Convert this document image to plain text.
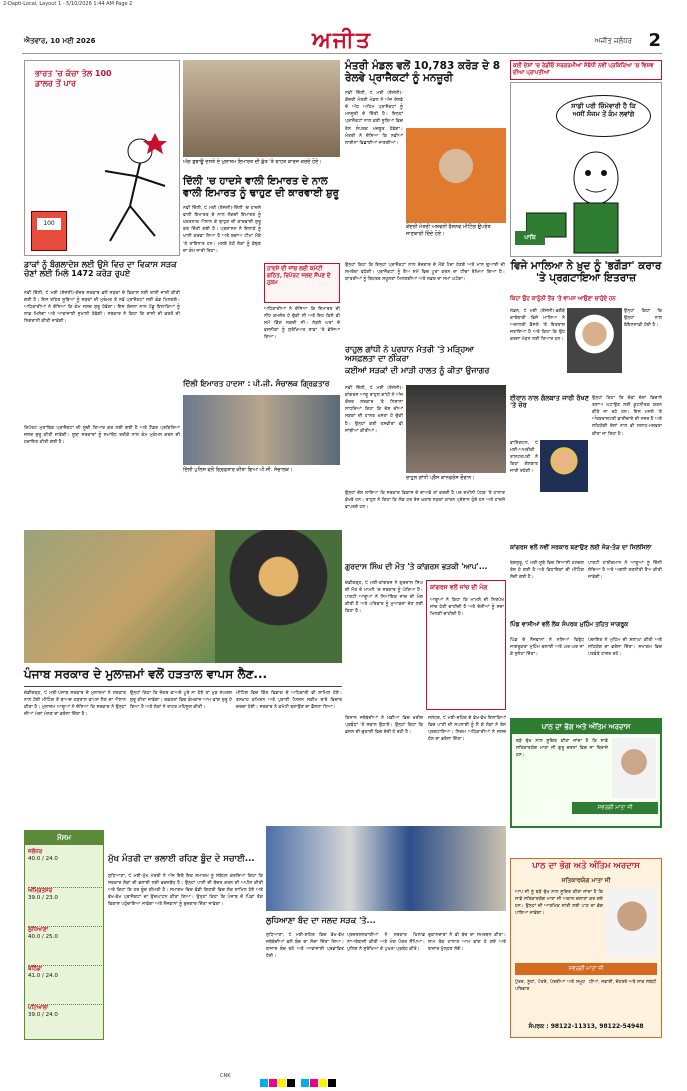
2-Dapti-Local, Layout 1 - 5/10/2026 1:44 AM Page 2
ਐਤਵਾਰ, 10 ਮਈ 2026	ਅਜੀਤ	ਅਜੀਤ ਜਲੰਧਰ 2
ਭਾਰਤ 'ਚ ਕੱਚਾ ਤੇਲ 100 ਡਾਲਰ ਤੋਂ ਪਾਰ
100
ਡਾਕਾਂ ਨੂੰ ਬੰਗਲਾਦੇਸ਼ ਲਈ ਉਸੇ ਵਿਚ ਦਾ ਵਿਕਾਸ ਸੜਕ ਚੋਣਾਂ ਲਈ ਮਿਲੇ 1472 ਕਰੋੜ ਰੁਪਏ
ਨਵੀਂ ਦਿੱਲੀ, ੯ ਮਈ (ਏਜੰਸੀ)-ਕੇਂਦਰ ਸਰਕਾਰ ਵਲੋਂ ਸੜਕਾਂ ਦੇ ਵਿਕਾਸ ਲਈ ਰਾਸ਼ੀ ਜਾਰੀ ਕੀਤੀ ਗਈ ਹੈ। ਇਸ ਤਹਿਤ ਸੂਬਿਆਂ ਨੂੰ ਸੜਕਾਂ ਦੀ ਮੁਰੰਮਤ ਤੇ ਨਵੇਂ ਪ੍ਰਾਜੈਕਟਾਂ ਲਈ ਫ਼ੰਡ ਮਿਲਣਗੇ। ਅਧਿਕਾਰੀਆਂ ਨੇ ਦੱਸਿਆ ਕਿ ਕੰਮ ਜਲਦ ਸ਼ੁਰੂ ਹੋਵੇਗਾ। ਇਸ ਯੋਜਨਾ ਨਾਲ ਪੇਂਡੂ ਇਲਾਕਿਆਂ ਨੂੰ ਲਾਭ ਮਿਲੇਗਾ ਅਤੇ ਆਵਾਜਾਈ ਸੁਖਾਲੀ ਹੋਵੇਗੀ। ਸਰਕਾਰ ਨੇ ਕਿਹਾ ਕਿ ਰਾਸ਼ੀ ਦੀ ਵਰਤੋਂ ਦੀ ਨਿਗਰਾਨੀ ਕੀਤੀ ਜਾਵੇਗੀ।
ਰਿਪੋਰਟ ਮੁਤਾਬਿਕ ਪ੍ਰਾਜੈਕਟਾਂ ਦੀ ਸੂਚੀ ਤਿਆਰ ਕਰ ਲਈ ਗਈ ਹੈ ਅਤੇ ਟੈਂਡਰ ਪ੍ਰਕਿਰਿਆ ਜਲਦ ਸ਼ੁਰੂ ਕੀਤੀ ਜਾਵੇਗੀ। ਸੂਬਾ ਸਰਕਾਰਾਂ ਨੂੰ ਸਮਾਂਬੱਧ ਤਰੀਕੇ ਨਾਲ ਕੰਮ ਮੁਕੰਮਲ ਕਰਨ ਦੀ ਹਦਾਇਤ ਕੀਤੀ ਗਈ ਹੈ।
ਅੱਗ ਬੁਝਾਊ ਦਸਤੇ ਦੇ ਮੁਲਾਜ਼ਮ ਇਮਾਰਤ ਦੀ ਛੱਤ 'ਤੇ ਰਾਹਤ ਕਾਰਜ ਕਰਦੇ ਹੋਏ।
ਦਿੱਲੀ 'ਚ ਹਾਦਸੇ ਵਾਲੀ ਇਮਾਰਤ ਦੇ ਨਾਲ ਵਾਲੀ ਇਮਾਰਤ ਨੂੰ ਢਾਹੁਣ ਦੀ ਕਾਰਵਾਈ ਸ਼ੁਰੂ
ਨਵੀਂ ਦਿੱਲੀ, ੯ ਮਈ (ਏਜੰਸੀ)-ਦਿੱਲੀ 'ਚ ਹਾਦਸੇ ਵਾਲੀ ਇਮਾਰਤ ਦੇ ਨਾਲ ਲੱਗਦੀ ਇਮਾਰਤ ਨੂੰ ਖ਼ਤਰਨਾਕ ਐਲਾਨ ਕੇ ਢਾਹੁਣ ਦੀ ਕਾਰਵਾਈ ਸ਼ੁਰੂ ਕਰ ਦਿੱਤੀ ਗਈ ਹੈ। ਪ੍ਰਸ਼ਾਸਨ ਨੇ ਇਲਾਕੇ ਨੂੰ ਖਾਲੀ ਕਰਵਾ ਲਿਆ ਹੈ ਅਤੇ ਬਚਾਅ ਟੀਮਾਂ ਮੌਕੇ 'ਤੇ ਤਾਇਨਾਤ ਹਨ। ਮਲਬੇ ਹੇਠੋਂ ਲੋਕਾਂ ਨੂੰ ਕੱਢਣ ਦਾ ਕੰਮ ਜਾਰੀ ਰਿਹਾ।
ਹਾਦਸੇ ਦੀ ਜਾਂਚ ਲਈ ਕਮੇਟੀ ਗਠਿਤ, ਰਿਪੋਰਟ ਜਲਦ ਸੌਂਪਣ ਦੇ ਹੁਕਮ
ਅਧਿਕਾਰੀਆਂ ਨੇ ਦੱਸਿਆ ਕਿ ਇਮਾਰਤ ਦੀ ਨੀਂਹ ਕਮਜ਼ੋਰ ਹੋ ਚੁੱਕੀ ਸੀ ਅਤੇ ਇਹ ਕਿਸੇ ਵੀ ਸਮੇਂ ਡਿੱਗ ਸਕਦੀ ਸੀ। ਨੇੜਲੇ ਘਰਾਂ ਦੇ ਵਸਨੀਕਾਂ ਨੂੰ ਸੁਰੱਖਿਅਤ ਥਾਵਾਂ 'ਤੇ ਭੇਜਿਆ ਗਿਆ।
ਦਿੱਲੀ ਇਮਾਰਤ ਹਾਦਸਾ : ਪੀ.ਜੀ. ਸੰਚਾਲਕ ਗ੍ਰਿਫ਼ਤਾਰ
ਦਿੱਲੀ ਪੁਲਿਸ ਵਲੋਂ ਗ੍ਰਿਫ਼ਤਾਰ ਕੀਤਾ ਗਿਆ ਪੀ.ਜੀ. ਸੰਚਾਲਕ।
ਮੰਤਰੀ ਮੰਡਲ ਵਲੋਂ 10,783 ਕਰੋੜ ਦੇ 8 ਰੇਲਵੇ ਪ੍ਰਾਜੈਕਟਾਂ ਨੂੰ ਮਨਜ਼ੂਰੀ
ਨਵੀਂ ਦਿੱਲੀ, ੯ ਮਈ (ਏਜੰਸੀ)-ਕੇਂਦਰੀ ਮੰਤਰੀ ਮੰਡਲ ਨੇ ਅੱਜ ਰੇਲਵੇ ਦੇ ਅੱਠ ਅਹਿਮ ਪ੍ਰਾਜੈਕਟਾਂ ਨੂੰ ਮਨਜ਼ੂਰੀ ਦੇ ਦਿੱਤੀ ਹੈ। ਇਨ੍ਹਾਂ ਪ੍ਰਾਜੈਕਟਾਂ ਨਾਲ ਕਈ ਸੂਬਿਆਂ ਵਿਚ ਰੇਲ ਸੰਪਰਕ ਮਜ਼ਬੂਤ ਹੋਵੇਗਾ। ਮੰਤਰੀ ਨੇ ਦੱਸਿਆ ਕਿ ਨਵੀਆਂ ਲਾਈਨਾਂ ਵਿਛਾਈਆਂ ਜਾਣਗੀਆਂ।
ਕੇਂਦਰੀ ਮੰਤਰੀ ਅਸ਼ਵਨੀ ਵੈਸ਼ਨਵ ਮੀਟਿੰਗ ਉਪਰੰਤ ਜਾਣਕਾਰੀ ਦਿੰਦੇ ਹੋਏ।
ਉਨ੍ਹਾਂ ਕਿਹਾ ਕਿ ਇਨ੍ਹਾਂ ਪ੍ਰਾਜੈਕਟਾਂ ਨਾਲ ਰੋਜ਼ਗਾਰ ਦੇ ਮੌਕੇ ਪੈਦਾ ਹੋਣਗੇ ਅਤੇ ਮਾਲ ਢੁਆਈ ਦੀ ਸਮਰੱਥਾ ਵਧੇਗੀ। ਪ੍ਰਾਜੈਕਟਾਂ ਨੂੰ ਤੈਅ ਸਮੇਂ ਵਿਚ ਪੂਰਾ ਕਰਨ ਦਾ ਟੀਚਾ ਰੱਖਿਆ ਗਿਆ ਹੈ। ਯਾਤਰੀਆਂ ਨੂੰ ਬਿਹਤਰ ਸਹੂਲਤਾਂ ਮਿਲਣਗੀਆਂ ਅਤੇ ਸਫ਼ਰ ਦਾ ਸਮਾਂ ਘਟੇਗਾ।
ਰਾਹੁਲ ਗਾਂਧੀ ਨੇ ਪ੍ਰਧਾਨ ਮੰਤਰੀ 'ਤੇ ਮੜ੍ਹਿਆ ਅਸਫ਼ਲਤਾ ਦਾ ਠੀਕਰਾ
ਕਈਆਂ ਸੜਕਾਂ ਦੀ ਮਾੜੀ ਹਾਲਤ ਨੂੰ ਕੀਤਾ ਉਜਾਗਰ
ਨਵੀਂ ਦਿੱਲੀ, ੯ ਮਈ (ਏਜੰਸੀ)-ਕਾਂਗਰਸ ਆਗੂ ਰਾਹੁਲ ਗਾਂਧੀ ਨੇ ਅੱਜ ਕੇਂਦਰ ਸਰਕਾਰ 'ਤੇ ਨਿਸ਼ਾਨਾ ਸਾਧਦਿਆਂ ਕਿਹਾ ਕਿ ਦੇਸ਼ ਦੀਆਂ ਸੜਕਾਂ ਦੀ ਹਾਲਤ ਖਸਤਾ ਹੋ ਚੁੱਕੀ ਹੈ। ਉਨ੍ਹਾਂ ਕਈ ਤਸਵੀਰਾਂ ਵੀ ਸਾਂਝੀਆਂ ਕੀਤੀਆਂ।
ਰਾਹੁਲ ਗਾਂਧੀ ਪ੍ਰੈੱਸ ਕਾਨਫਰੰਸ ਦੌਰਾਨ।
ਉਨ੍ਹਾਂ ਦੋਸ਼ ਲਾਇਆ ਕਿ ਸਰਕਾਰ ਵਿਕਾਸ ਦੇ ਦਾਅਵੇ ਤਾਂ ਕਰਦੀ ਹੈ ਪਰ ਜ਼ਮੀਨੀ ਪੱਧਰ 'ਤੇ ਹਾਲਾਤ ਵੱਖਰੇ ਹਨ। ਰਾਹੁਲ ਨੇ ਕਿਹਾ ਕਿ ਲੋਕ ਹਰ ਰੋਜ਼ ਖ਼ਰਾਬ ਸੜਕਾਂ ਕਾਰਨ ਪ੍ਰੇਸ਼ਾਨ ਹੁੰਦੇ ਹਨ ਅਤੇ ਹਾਦਸੇ ਵਾਪਰਦੇ ਹਨ।
ਗੁਰਦਾਸ ਸਿੰਘ ਦੀ ਮੌਤ 'ਤੇ ਕਾਂਗਰਸ ਭੜਕੀ 'ਆਪ'...
ਚੰਡੀਗੜ੍ਹ, ੯ ਮਈ-ਕਾਂਗਰਸ ਨੇ ਗੁਰਦਾਸ ਸਿੰਘ ਦੀ ਮੌਤ ਦੇ ਮਾਮਲੇ 'ਚ ਸਰਕਾਰ ਨੂੰ ਘੇਰਿਆ ਹੈ। ਪਾਰਟੀ ਆਗੂਆਂ ਨੇ ਨਿਆਂਇਕ ਜਾਂਚ ਦੀ ਮੰਗ ਕੀਤੀ ਹੈ ਅਤੇ ਪਰਿਵਾਰ ਨੂੰ ਮੁਆਵਜ਼ਾ ਦੇਣ ਲਈ ਕਿਹਾ ਹੈ।
ਕਾਂਗਰਸ ਵਲੋਂ ਜਾਂਚ ਦੀ ਮੰਗ
ਆਗੂਆਂ ਨੇ ਕਿਹਾ ਕਿ ਮਾਮਲੇ ਦੀ ਨਿਰਪੱਖ ਜਾਂਚ ਹੋਣੀ ਚਾਹੀਦੀ ਹੈ ਅਤੇ ਦੋਸ਼ੀਆਂ ਨੂੰ ਸਜ਼ਾ ਮਿਲਣੀ ਚਾਹੀਦੀ ਹੈ।
ਪੰਜਾਬ ਸਰਕਾਰ ਦੇ ਮੁਲਾਜ਼ਮਾਂ ਵਲੋਂ ਹੜਤਾਲ ਵਾਪਸ ਲੈਣ...
ਚੰਡੀਗੜ੍ਹ, ੯ ਮਈ-ਪੰਜਾਬ ਸਰਕਾਰ ਦੇ ਮੁਲਾਜ਼ਮਾਂ ਨੇ ਸਰਕਾਰ ਨਾਲ ਹੋਈ ਮੀਟਿੰਗ ਤੋਂ ਬਾਅਦ ਹੜਤਾਲ ਵਾਪਸ ਲੈਣ ਦਾ ਐਲਾਨ ਕੀਤਾ ਹੈ। ਮੁਲਾਜ਼ਮ ਆਗੂਆਂ ਨੇ ਦੱਸਿਆ ਕਿ ਸਰਕਾਰ ਨੇ ਉਨ੍ਹਾਂ ਦੀਆਂ ਮੰਗਾਂ ਮੰਨਣ ਦਾ ਭਰੋਸਾ ਦਿੱਤਾ ਹੈ।
ਉਨ੍ਹਾਂ ਕਿਹਾ ਕਿ ਜੇਕਰ ਵਾਅਦੇ ਪੂਰੇ ਨਾ ਹੋਏ ਤਾਂ ਮੁੜ ਸੰਘਰਸ਼ ਸ਼ੁਰੂ ਕੀਤਾ ਜਾਵੇਗਾ। ਦਫ਼ਤਰਾਂ ਵਿਚ ਕੰਮਕਾਜ ਆਮ ਵਾਂਗ ਸ਼ੁਰੂ ਹੋ ਗਿਆ ਹੈ ਅਤੇ ਲੋਕਾਂ ਨੇ ਰਾਹਤ ਮਹਿਸੂਸ ਕੀਤੀ।
ਮੀਟਿੰਗ ਵਿਚ ਵਿੱਤ ਵਿਭਾਗ ਦੇ ਅਧਿਕਾਰੀ ਵੀ ਸ਼ਾਮਿਲ ਹੋਏ। ਤਨਖ਼ਾਹ ਕਮਿਸ਼ਨ ਅਤੇ ਪੁਰਾਣੀ ਪੈਨਸ਼ਨ ਸਕੀਮ ਬਾਰੇ ਵਿਚਾਰ ਚਰਚਾ ਹੋਈ। ਸਰਕਾਰ ਨੇ ਕਮੇਟੀ ਬਣਾਉਣ ਦਾ ਫ਼ੈਸਲਾ ਲਿਆ।
ਮੌਸਮ
ਜਲੰਧਰ
40.0 / 24.0
ਅੰਮ੍ਰਿਤਸਰ
39.0 / 23.0
ਲੁਧਿਆਣਾ
40.0 / 25.0
ਬਠਿੰਡਾ
41.0 / 24.0
ਪਟਿਆਲਾ
39.0 / 24.0
ਮੁੱਖ ਮੰਤਰੀ ਦਾ ਭਲਾਈ ਰਹਿਣ ਬੂੰਦ ਦੇ ਸਚਾਈ...
ਲੁਧਿਆਣਾ, ੯ ਮਈ-ਮੁੱਖ ਮੰਤਰੀ ਨੇ ਅੱਜ ਇਥੇ ਇਕ ਸਮਾਗਮ ਨੂੰ ਸੰਬੋਧਨ ਕਰਦਿਆਂ ਕਿਹਾ ਕਿ ਸਰਕਾਰ ਲੋਕਾਂ ਦੀ ਭਲਾਈ ਲਈ ਵਚਨਬੱਧ ਹੈ। ਉਨ੍ਹਾਂ ਪਾਣੀ ਦੀ ਬੱਚਤ ਕਰਨ ਦੀ ਅਪੀਲ ਕੀਤੀ ਅਤੇ ਕਿਹਾ ਕਿ ਹਰ ਬੂੰਦ ਕੀਮਤੀ ਹੈ। ਸਮਾਗਮ ਵਿਚ ਵੱਡੀ ਗਿਣਤੀ ਵਿਚ ਲੋਕ ਸ਼ਾਮਿਲ ਹੋਏ ਅਤੇ ਵੱਖ-ਵੱਖ ਪ੍ਰਾਜੈਕਟਾਂ ਦਾ ਉਦਘਾਟਨ ਕੀਤਾ ਗਿਆ। ਉਨ੍ਹਾਂ ਕਿਹਾ ਕਿ ਪੰਜਾਬ ਦੇ ਪਿੰਡਾਂ ਤੱਕ ਵਿਕਾਸ ਪਹੁੰਚਾਇਆ ਜਾਵੇਗਾ ਅਤੇ ਨੌਜਵਾਨਾਂ ਨੂੰ ਰੁਜ਼ਗਾਰ ਦਿੱਤਾ ਜਾਵੇਗਾ।
ਲੁਧਿਆਣਾ ਬੰਦ ਦਾ ਜਲਦ ਸੜਕ 'ਤੇ...
ਲੁਧਿਆਣਾ, ੯ ਮਈ-ਸ਼ਹਿਰ ਵਿਚ ਵੱਖ-ਵੱਖ ਜਥੇਬੰਦੀਆਂ ਵਲੋਂ ਬੰਦ ਦਾ ਸੱਦਾ ਦਿੱਤਾ ਗਿਆ। ਬਾਜ਼ਾਰ ਬੰਦ ਰਹੇ ਅਤੇ ਆਵਾਜਾਈ ਪ੍ਰਭਾਵਿਤ ਹੋਈ।
ਪ੍ਰਦਰਸ਼ਨਕਾਰੀਆਂ ਨੇ ਸਰਕਾਰ ਖ਼ਿਲਾਫ਼ ਨਾਅਰੇਬਾਜ਼ੀ ਕੀਤੀ ਅਤੇ ਮੰਗ ਪੱਤਰ ਸੌਂਪਿਆ। ਪੁਲਿਸ ਨੇ ਸੁਰੱਖਿਆ ਦੇ ਪੁਖ਼ਤਾ ਪ੍ਰਬੰਧ ਕੀਤੇ।
ਦੁਕਾਨਦਾਰਾਂ ਨੇ ਵੀ ਬੰਦ ਦਾ ਸਮਰਥਨ ਕੀਤਾ। ਸ਼ਾਮ ਤੱਕ ਹਾਲਾਤ ਆਮ ਵਾਂਗ ਹੋ ਗਏ ਅਤੇ ਬਾਜ਼ਾਰ ਖੁੱਲ੍ਹਣ ਲੱਗੇ।
ਜਲੰਧਰ, ੯ ਮਈ-ਸ਼ਹਿਰ ਦੇ ਵੱਖ-ਵੱਖ ਇਲਾਕਿਆਂ ਵਿਚ ਪਾਣੀ ਦੀ ਸਪਲਾਈ ਨੂੰ ਲੈ ਕੇ ਲੋਕਾਂ ਨੇ ਰੋਸ ਪ੍ਰਗਟਾਇਆ। ਨਿਗਮ ਅਧਿਕਾਰੀਆਂ ਨੇ ਜਲਦ ਹੱਲ ਦਾ ਭਰੋਸਾ ਦਿੱਤਾ।
ਕਿਸਾਨ ਜਥੇਬੰਦੀਆਂ ਨੇ ਮੰਡੀਆਂ ਵਿਚ ਖ਼ਰੀਦ ਪ੍ਰਬੰਧਾਂ 'ਤੇ ਸਵਾਲ ਉਠਾਏ। ਉਨ੍ਹਾਂ ਕਿਹਾ ਕਿ ਫ਼ਸਲ ਦੀ ਚੁਕਾਈ ਵਿਚ ਦੇਰੀ ਹੋ ਰਹੀ ਹੈ।
ਕਈ ਦੇਸ਼ਾਂ 'ਚ ਰੇਡੀਓ ਸਰਗਰਮੀਆਂ ਸੰਬੰਧੀ ਨਵੀਂ ਪ੍ਰਕਿਰਿਆ 'ਚ ਵਿਸ਼ਵ ਦੀਆਂ ਪ੍ਰਾਪਤੀਆਂ
ਸਾਡੀ ਪਰੀ ਜ਼ਿੰਮੇਵਾਰੀ ਹੈ ਕਿ ਅਸੀਂ ਸੰਜਮ ਤੋਂ ਕੰਮ ਲਵਾਂਗੇ
ਪਾਕਿ
ਵਿਜੇ ਮਾਲਿਆ ਨੇ ਖ਼ੁਦ ਨੂੰ 'ਭਗੌੜਾ' ਕਰਾਰ 'ਤੇ ਪ੍ਰਗਟਾਇਆ ਇਤਰਾਜ਼
ਕਿਹਾ ਉਹ ਕਾਨੂੰਨੀ ਤੌਰ 'ਤੇ ਵਾਪਸ ਆਉਣਾ ਚਾਹੁੰਦੇ ਹਨ
ਲੰਡਨ, ੯ ਮਈ (ਏਜੰਸੀ)-ਭਗੌੜੇ ਕਾਰੋਬਾਰੀ ਵਿਜੇ ਮਾਲਿਆ ਨੇ ਅਦਾਲਤੀ ਫ਼ੈਸਲੇ 'ਤੇ ਇਤਰਾਜ਼ ਜਤਾਇਆ ਹੈ ਅਤੇ ਕਿਹਾ ਕਿ ਉਹ ਕਰਜ਼ਾ ਮੋੜਨ ਲਈ ਤਿਆਰ ਹਨ।
ਉਨ੍ਹਾਂ ਕਿਹਾ ਕਿ ਉਨ੍ਹਾਂ ਨਾਲ ਬੇਇਨਸਾਫ਼ੀ ਹੋਈ ਹੈ।
ਈਰਾਨ ਨਾਲ ਗੱਲਬਾਤ ਜਾਰੀ ਰੱਖਣ 'ਤੇ ਜ਼ੋਰ
ਵਾਸ਼ਿੰਗਟਨ, ੯ ਮਈ-ਅਮਰੀਕੀ ਰਾਸ਼ਟਰਪਤੀ ਨੇ ਕਿਹਾ ਗੱਲਬਾਤ ਜਾਰੀ ਰਹੇਗੀ।
ਉਨ੍ਹਾਂ ਕਿਹਾ ਕਿ ਦੋਵਾਂ ਦੇਸ਼ਾਂ ਵਿਚਾਲੇ ਤਣਾਅ ਘਟਾਉਣ ਲਈ ਕੂਟਨੀਤਕ ਯਤਨ ਕੀਤੇ ਜਾ ਰਹੇ ਹਨ। ਇਸ ਮਸਲੇ 'ਤੇ ਅੰਤਰਰਾਸ਼ਟਰੀ ਭਾਈਚਾਰੇ ਦੀ ਨਜ਼ਰ ਹੈ ਅਤੇ ਸਹਿਯੋਗੀ ਦੇਸ਼ਾਂ ਨਾਲ ਵੀ ਸਲਾਹ-ਮਸ਼ਵਰਾ ਕੀਤਾ ਜਾ ਰਿਹਾ ਹੈ।
ਕਾਂਗਰਸ ਵਲੋਂ ਨਵੀਂ ਸਰਕਾਰ ਬਣਾਉਣ ਲਈ ਜੋੜ-ਤੋੜ ਦਾ ਸਿਲਸਿਲਾ
ਬੰਗਲੁਰੂ, ੯ ਮਈ-ਸੂਬੇ ਵਿਚ ਸਿਆਸੀ ਹਲਚਲ ਤੇਜ਼ ਹੋ ਗਈ ਹੈ ਅਤੇ ਵਿਧਾਇਕਾਂ ਦੀ ਮੀਟਿੰਗ ਸੱਦੀ ਗਈ ਹੈ।
ਪਾਰਟੀ ਹਾਈਕਮਾਨ ਨੇ ਆਗੂਆਂ ਨੂੰ ਦਿੱਲੀ ਸੱਦਿਆ ਹੈ ਅਤੇ ਅਗਲੀ ਰਣਨੀਤੀ ਤੈਅ ਕੀਤੀ ਜਾਵੇਗੀ।
ਪਿੰਡ ਵਾਸੀਆਂ ਵਲੋਂ ਲੋਕ ਸੰਪਰਕ ਮੁਹਿੰਮ ਤਹਿਤ ਜਾਗਰੂਕ
ਪਿੰਡ ਦੇ ਨੌਜਵਾਨਾਂ ਨੇ ਨਸ਼ਿਆਂ ਵਿਰੁੱਧ ਜਾਗਰੂਕਤਾ ਮੁਹਿੰਮ ਚਲਾਈ ਅਤੇ ਘਰ-ਘਰ ਜਾ ਕੇ ਸੁਨੇਹਾ ਦਿੱਤਾ।
ਪੰਚਾਇਤ ਨੇ ਮੁਹਿੰਮ ਦੀ ਸ਼ਲਾਘਾ ਕੀਤੀ ਅਤੇ ਸਹਿਯੋਗ ਦਾ ਭਰੋਸਾ ਦਿੱਤਾ। ਸਮਾਗਮ ਵਿਚ ਪਤਵੰਤੇ ਹਾਜ਼ਰ ਰਹੇ।
ਪਾਠ ਦਾ ਭੋਗ ਅਤੇ ਅੰਤਿਮ ਅਰਦਾਸ
ਬੜੇ ਦੁੱਖ ਨਾਲ ਸੂਚਿਤ ਕੀਤਾ ਜਾਂਦਾ ਹੈ ਕਿ ਸਾਡੇ ਸਤਿਕਾਰਯੋਗ ਮਾਤਾ ਜੀ ਗੁਰੂ ਚਰਨਾਂ ਵਿਚ ਜਾ ਬਿਰਾਜੇ ਹਨ।
ਸਵਰਗੀ ਮਾਤਾ ਜੀ
ਪਾਠ ਦਾ ਭੋਗ ਅਤੇ ਅੰਤਿਮ ਅਰਦਾਸ
ਸਤਿਕਾਰਯੋਗ ਮਾਤਾ ਜੀ
ਆਪ ਜੀ ਨੂੰ ਬੜੇ ਦੁੱਖ ਨਾਲ ਸੂਚਿਤ ਕੀਤਾ ਜਾਂਦਾ ਹੈ ਕਿ ਸਾਡੇ ਸਤਿਕਾਰਯੋਗ ਮਾਤਾ ਜੀ ਅਕਾਲ ਚਲਾਣਾ ਕਰ ਗਏ ਹਨ। ਉਨ੍ਹਾਂ ਦੀ ਆਤਮਿਕ ਸ਼ਾਂਤੀ ਲਈ ਪਾਠ ਦਾ ਭੋਗ ਪਾਇਆ ਜਾਵੇਗਾ।
ਸਵਰਗੀ ਮਾਤਾ ਜੀ
ਪੁੱਤਰ, ਨੂੰਹਾਂ, ਪੋਤਰੇ, ਪੋਤਰੀਆਂ ਅਤੇ ਸਮੂਹ ਪਰਿਵਾਰ
ਧੀਆਂ, ਜਵਾਈ, ਦੋਹਤਰੇ ਅਤੇ ਸਾਕ ਸੰਬੰਧੀ
ਸੰਪਰਕ : 98122-11313, 98122-54948

CNK
